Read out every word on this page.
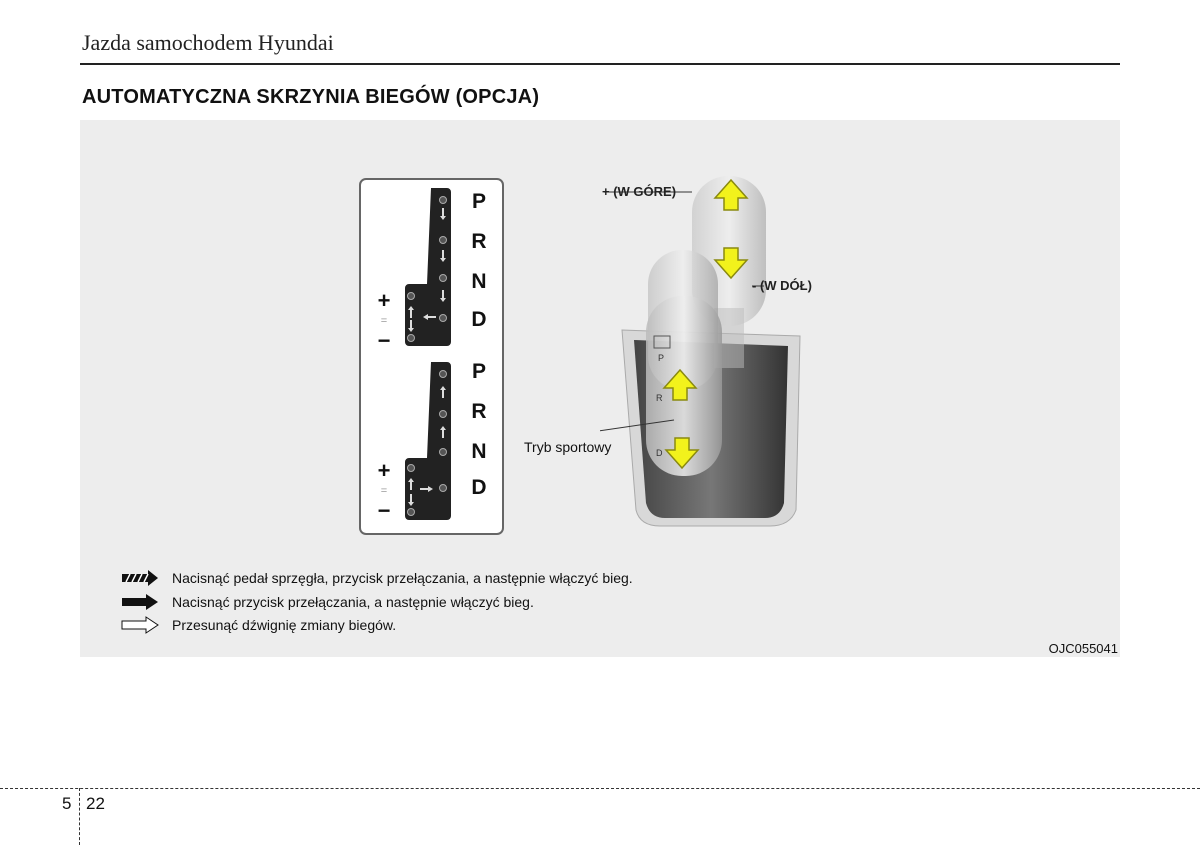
Jazda samochodem Hyundai
AUTOMATYCZNA SKRZYNIA BIEGÓW (OPCJA)
P
R
N
D
+
=
−
P
R
N
D
+
=
−
P
R
D
+ (W GÓRE)
- (W DÓŁ)
Tryb sportowy
Nacisnąć pedał sprzęgła, przycisk przełączania, a następnie włączyć bieg.
Nacisnąć przycisk przełączania, a następnie włączyć bieg.
Przesunąć dźwignię zmiany biegów.
OJC055041
5 22
